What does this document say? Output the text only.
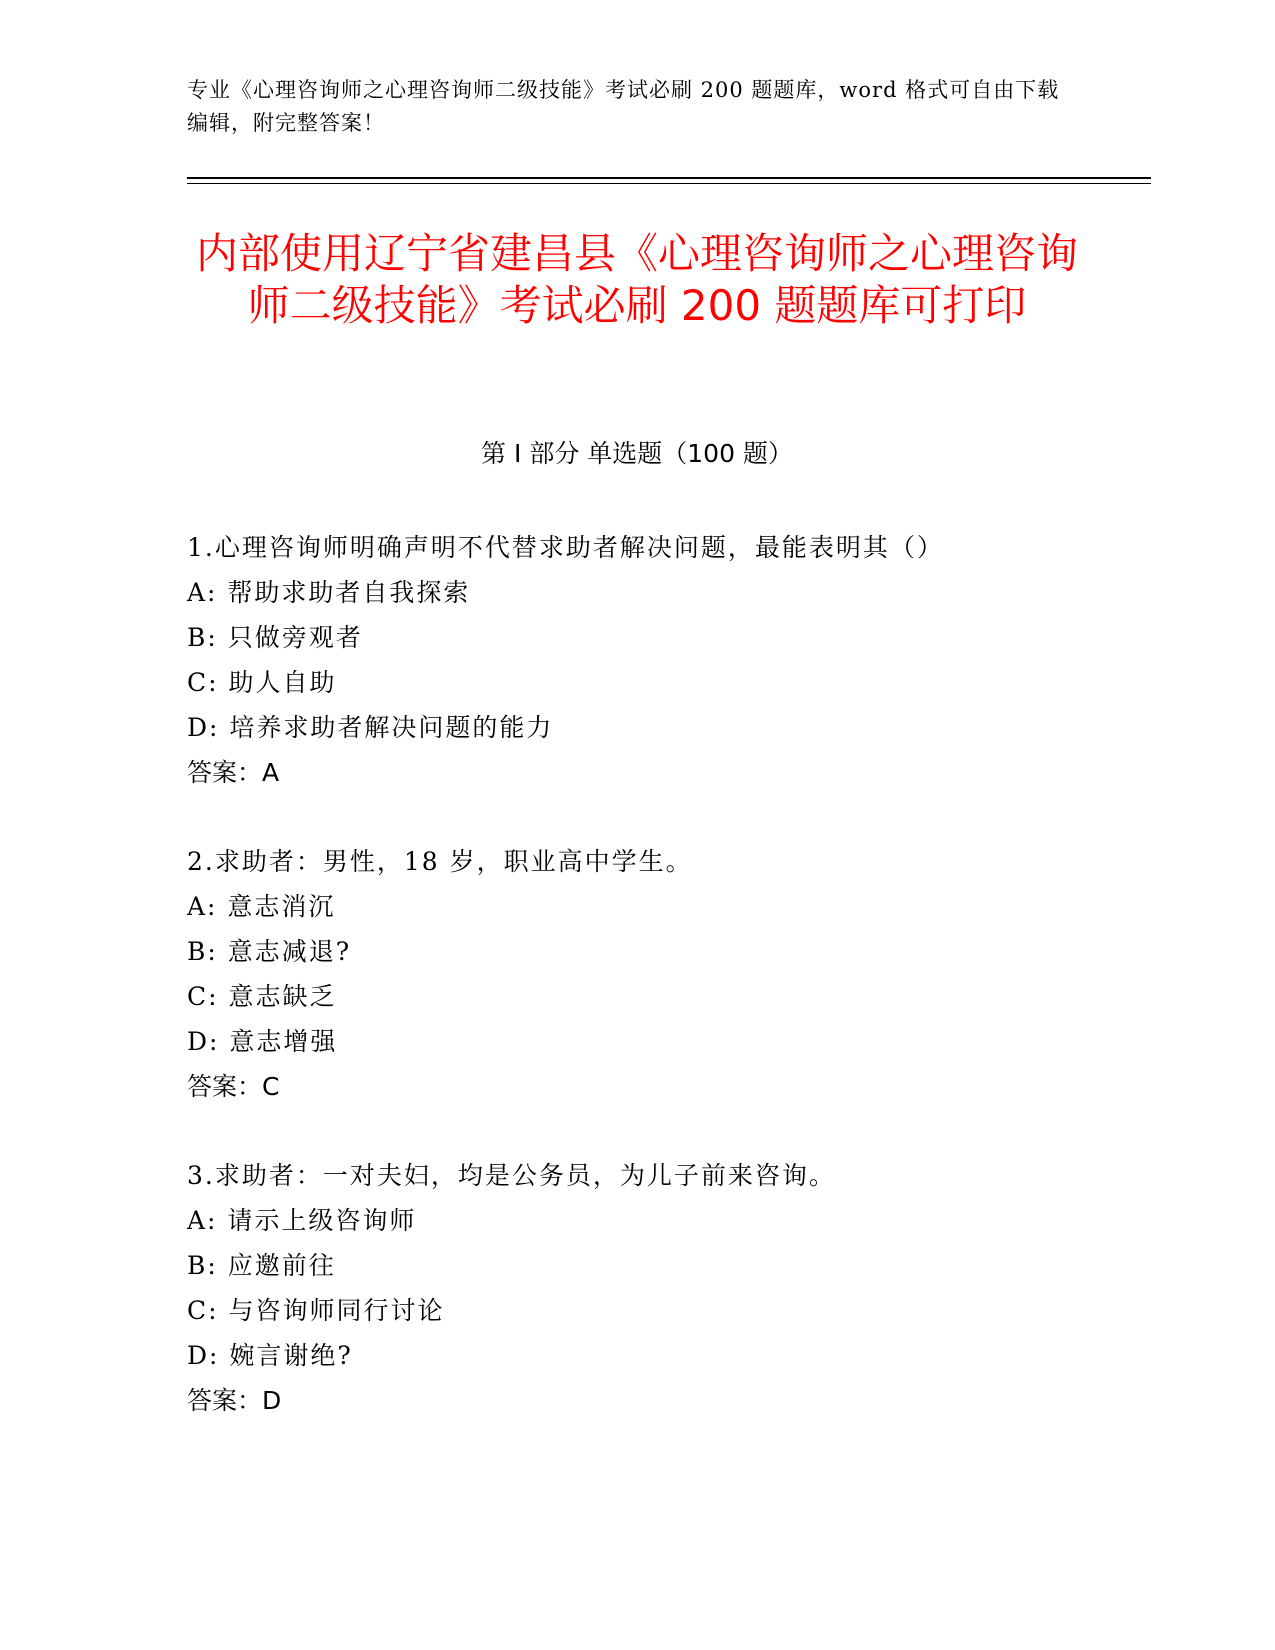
专业《心理咨询师之心理咨询师二级技能》考试必刷 200 题题库，word 格式可自由下载编辑，附完整答案！
内部使用辽宁省建昌县《心理咨询师之心理咨询师二级技能》考试必刷 200 题题库可打印
第 I 部分 单选题（100 题）
1.心理咨询师明确声明不代替求助者解决问题，最能表明其（）
A: 帮助求助者自我探索
B: 只做旁观者
C: 助人自助
D: 培养求助者解决问题的能力
答案：A
2.求助者：男性，18 岁，职业高中学生。
A: 意志消沉
B: 意志减退?
C: 意志缺乏
D: 意志增强
答案：C
3.求助者：一对夫妇，均是公务员，为儿子前来咨询。
A: 请示上级咨询师
B: 应邀前往
C: 与咨询师同行讨论
D: 婉言谢绝?
答案：D
